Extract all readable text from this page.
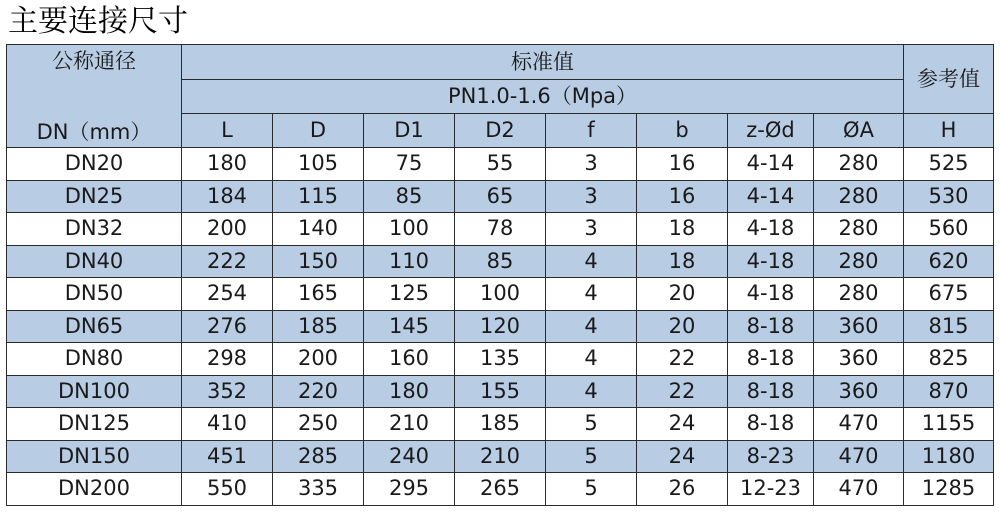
主要连接尺寸
公称通径
DN（mm）	标准值								参考值
	PN1.0-1.6（Mpa）								
	L	D	D1	D2	f	b	z-Ød	ØA	H
DN20	180	105	75	55	3	16	4-14	280	525
DN25	184	115	85	65	3	16	4-14	280	530
DN32	200	140	100	78	3	18	4-18	280	560
DN40	222	150	110	85	4	18	4-18	280	620
DN50	254	165	125	100	4	20	4-18	280	675
DN65	276	185	145	120	4	20	8-18	360	815
DN80	298	200	160	135	4	22	8-18	360	825
DN100	352	220	180	155	4	22	8-18	360	870
DN125	410	250	210	185	5	24	8-18	470	1155
DN150	451	285	240	210	5	24	8-23	470	1180
DN200	550	335	295	265	5	26	12-23	470	1285
